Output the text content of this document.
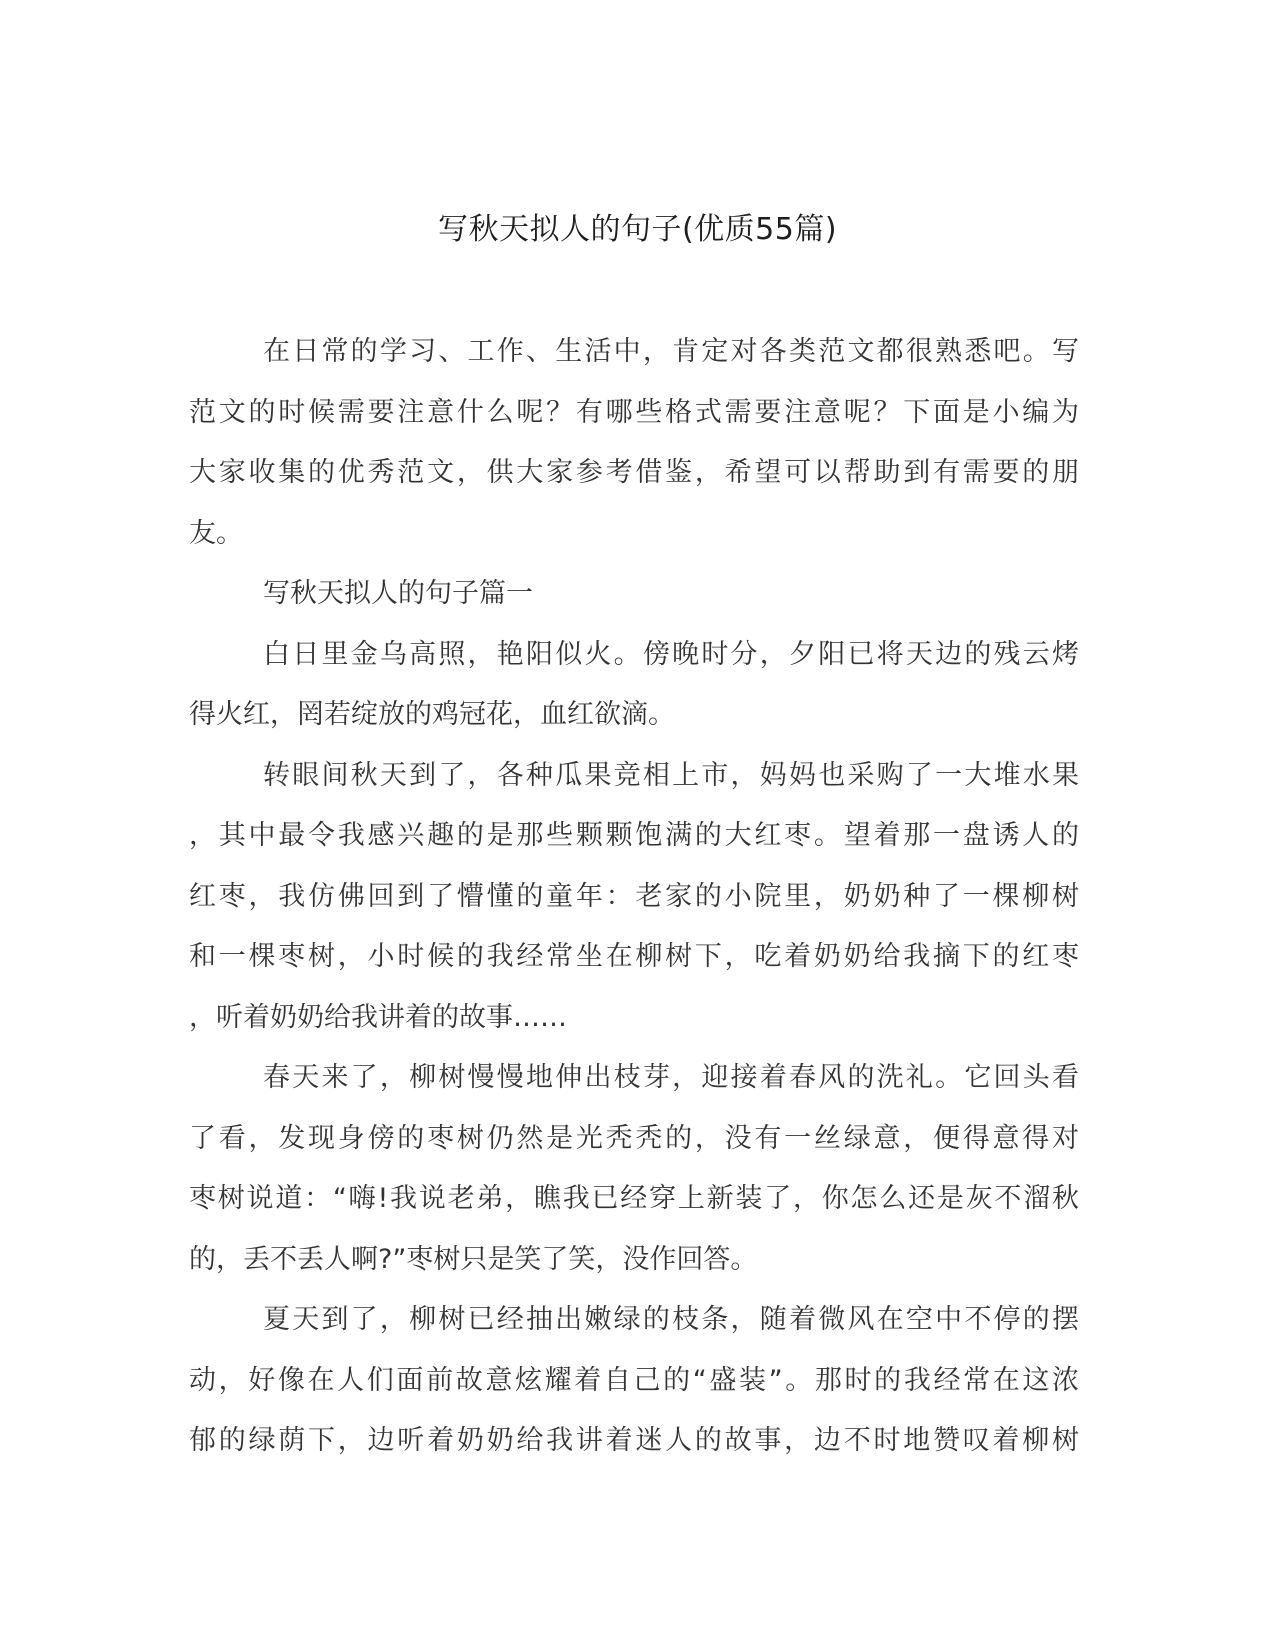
写秋天拟人的句子(优质55篇)
在日常的学习、工作、生活中，肯定对各类范文都很熟悉吧。写
范文的时候需要注意什么呢？有哪些格式需要注意呢？下面是小编为
大家收集的优秀范文，供大家参考借鉴，希望可以帮助到有需要的朋
友。
写秋天拟人的句子篇一
白日里金乌高照，艳阳似火。傍晚时分，夕阳已将天边的残云烤
得火红，罔若绽放的鸡冠花，血红欲滴。
转眼间秋天到了，各种瓜果竞相上市，妈妈也采购了一大堆水果
，其中最令我感兴趣的是那些颗颗饱满的大红枣。望着那一盘诱人的
红枣，我仿佛回到了懵懂的童年：老家的小院里，奶奶种了一棵柳树
和一棵枣树，小时候的我经常坐在柳树下，吃着奶奶给我摘下的红枣
，听着奶奶给我讲着的故事……
春天来了，柳树慢慢地伸出枝芽，迎接着春风的洗礼。它回头看
了看，发现身傍的枣树仍然是光秃秃的，没有一丝绿意，便得意得对
枣树说道：“嗨!我说老弟，瞧我已经穿上新装了，你怎么还是灰不溜秋
的，丢不丢人啊?”枣树只是笑了笑，没作回答。
夏天到了，柳树已经抽出嫩绿的枝条，随着微风在空中不停的摆
动，好像在人们面前故意炫耀着自己的“盛装”。那时的我经常在这浓
郁的绿荫下，边听着奶奶给我讲着迷人的故事，边不时地赞叹着柳树
